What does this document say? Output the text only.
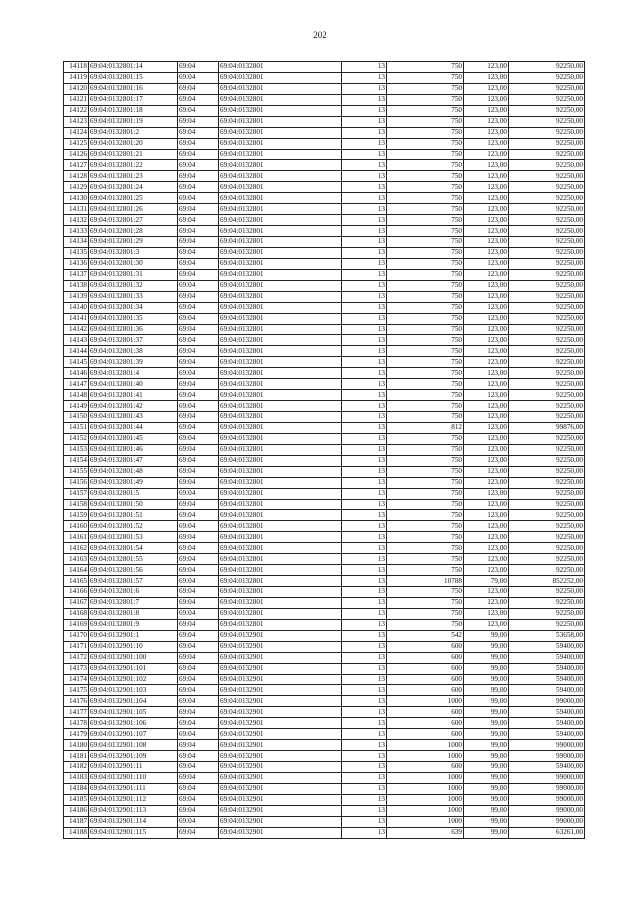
202
14118	69:04:0132801:14	69:04	69:04:0132801	13	750	123,00	92250,00
14119	69:04:0132801:15	69:04	69:04:0132801	13	750	123,00	92250,00
14120	69:04:0132801:16	69:04	69:04:0132801	13	750	123,00	92250,00
14121	69:04:0132801:17	69:04	69:04:0132801	13	750	123,00	92250,00
14122	69:04:0132801:18	69:04	69:04:0132801	13	750	123,00	92250,00
14123	69:04:0132801:19	69:04	69:04:0132801	13	750	123,00	92250,00
14124	69:04:0132801:2	69:04	69:04:0132801	13	750	123,00	92250,00
14125	69:04:0132801:20	69:04	69:04:0132801	13	750	123,00	92250,00
14126	69:04:0132801:21	69:04	69:04:0132801	13	750	123,00	92250,00
14127	69:04:0132801:22	69:04	69:04:0132801	13	750	123,00	92250,00
14128	69:04:0132801:23	69:04	69:04:0132801	13	750	123,00	92250,00
14129	69:04:0132801:24	69:04	69:04:0132801	13	750	123,00	92250,00
14130	69:04:0132801:25	69:04	69:04:0132801	13	750	123,00	92250,00
14131	69:04:0132801:26	69:04	69:04:0132801	13	750	123,00	92250,00
14132	69:04:0132801:27	69:04	69:04:0132801	13	750	123,00	92250,00
14133	69:04:0132801:28	69:04	69:04:0132801	13	750	123,00	92250,00
14134	69:04:0132801:29	69:04	69:04:0132801	13	750	123,00	92250,00
14135	69:04:0132801:3	69:04	69:04:0132801	13	750	123,00	92250,00
14136	69:04:0132801:30	69:04	69:04:0132801	13	750	123,00	92250,00
14137	69:04:0132801:31	69:04	69:04:0132801	13	750	123,00	92250,00
14138	69:04:0132801:32	69:04	69:04:0132801	13	750	123,00	92250,00
14139	69:04:0132801:33	69:04	69:04:0132801	13	750	123,00	92250,00
14140	69:04:0132801:34	69:04	69:04:0132801	13	750	123,00	92250,00
14141	69:04:0132801:35	69:04	69:04:0132801	13	750	123,00	92250,00
14142	69:04:0132801:36	69:04	69:04:0132801	13	750	123,00	92250,00
14143	69:04:0132801:37	69:04	69:04:0132801	13	750	123,00	92250,00
14144	69:04:0132801:38	69:04	69:04:0132801	13	750	123,00	92250,00
14145	69:04:0132801:39	69:04	69:04:0132801	13	750	123,00	92250,00
14146	69:04:0132801:4	69:04	69:04:0132801	13	750	123,00	92250,00
14147	69:04:0132801:40	69:04	69:04:0132801	13	750	123,00	92250,00
14148	69:04:0132801:41	69:04	69:04:0132801	13	750	123,00	92250,00
14149	69:04:0132801:42	69:04	69:04:0132801	13	750	123,00	92250,00
14150	69:04:0132801:43	69:04	69:04:0132801	13	750	123,00	92250,00
14151	69:04:0132801:44	69:04	69:04:0132801	13	812	123,00	99876,00
14152	69:04:0132801:45	69:04	69:04:0132801	13	750	123,00	92250,00
14153	69:04:0132801:46	69:04	69:04:0132801	13	750	123,00	92250,00
14154	69:04:0132801:47	69:04	69:04:0132801	13	750	123,00	92250,00
14155	69:04:0132801:48	69:04	69:04:0132801	13	750	123,00	92250,00
14156	69:04:0132801:49	69:04	69:04:0132801	13	750	123,00	92250,00
14157	69:04:0132801:5	69:04	69:04:0132801	13	750	123,00	92250,00
14158	69:04:0132801:50	69:04	69:04:0132801	13	750	123,00	92250,00
14159	69:04:0132801:51	69:04	69:04:0132801	13	750	123,00	92250,00
14160	69:04:0132801:52	69:04	69:04:0132801	13	750	123,00	92250,00
14161	69:04:0132801:53	69:04	69:04:0132801	13	750	123,00	92250,00
14162	69:04:0132801:54	69:04	69:04:0132801	13	750	123,00	92250,00
14163	69:04:0132801:55	69:04	69:04:0132801	13	750	123,00	92250,00
14164	69:04:0132801:56	69:04	69:04:0132801	13	750	123,00	92250,00
14165	69:04:0132801:57	69:04	69:04:0132801	13	10788	79,00	852252,00
14166	69:04:0132801:6	69:04	69:04:0132801	13	750	123,00	92250,00
14167	69:04:0132801:7	69:04	69:04:0132801	13	750	123,00	92250,00
14168	69:04:0132801:8	69:04	69:04:0132801	13	750	123,00	92250,00
14169	69:04:0132801:9	69:04	69:04:0132801	13	750	123,00	92250,00
14170	69:04:0132901:1	69:04	69:04:0132901	13	542	99,00	53658,00
14171	69:04:0132901:10	69:04	69:04:0132901	13	600	99,00	59400,00
14172	69:04:0132901:100	69:04	69:04:0132901	13	600	99,00	59400,00
14173	69:04:0132901:101	69:04	69:04:0132901	13	600	99,00	59400,00
14174	69:04:0132901:102	69:04	69:04:0132901	13	600	99,00	59400,00
14175	69:04:0132901:103	69:04	69:04:0132901	13	600	99,00	59400,00
14176	69:04:0132901:104	69:04	69:04:0132901	13	1000	99,00	99000,00
14177	69:04:0132901:105	69:04	69:04:0132901	13	600	99,00	59400,00
14178	69:04:0132901:106	69:04	69:04:0132901	13	600	99,00	59400,00
14179	69:04:0132901:107	69:04	69:04:0132901	13	600	99,00	59400,00
14180	69:04:0132901:108	69:04	69:04:0132901	13	1000	99,00	99000,00
14181	69:04:0132901:109	69:04	69:04:0132901	13	1000	99,00	99000,00
14182	69:04:0132901:11	69:04	69:04:0132901	13	600	99,00	59400,00
14183	69:04:0132901:110	69:04	69:04:0132901	13	1000	99,00	99000,00
14184	69:04:0132901:111	69:04	69:04:0132901	13	1000	99,00	99000,00
14185	69:04:0132901:112	69:04	69:04:0132901	13	1000	99,00	99000,00
14186	69:04:0132901:113	69:04	69:04:0132901	13	1000	99,00	99000,00
14187	69:04:0132901:114	69:04	69:04:0132901	13	1000	99,00	99000,00
14188	69:04:0132901:115	69:04	69:04:0132901	13	639	99,00	63261,00
